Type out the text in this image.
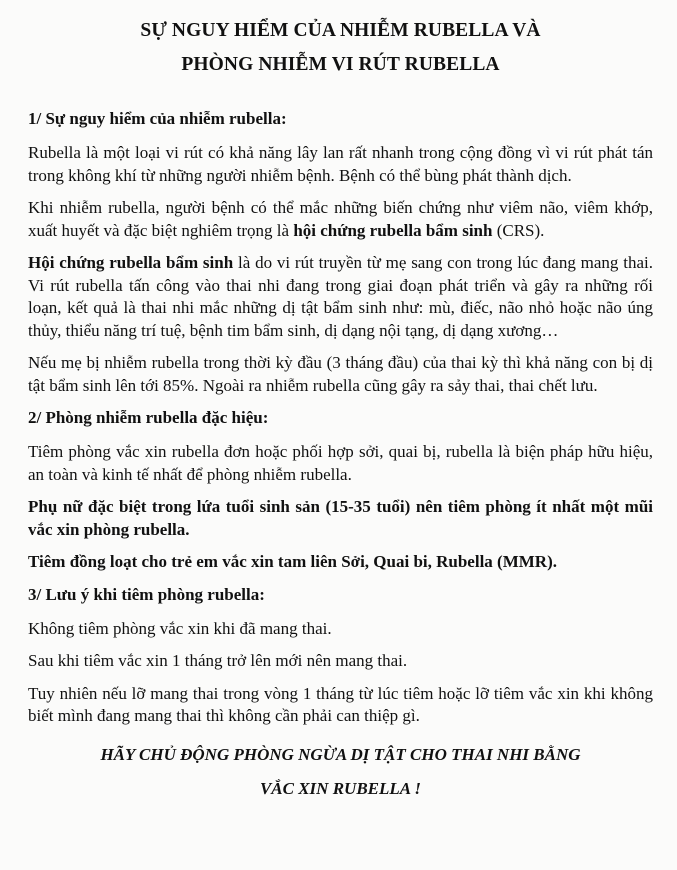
SỰ NGUY HIỂM CỦA NHIỄM RUBELLA VÀ
PHÒNG NHIỄM VI RÚT RUBELLA
1/ Sự nguy hiểm của nhiễm rubella:

Rubella là một loại vi rút có khả năng lây lan rất nhanh trong cộng đồng vì vi rút phát tán trong không khí từ những người nhiễm bệnh. Bệnh có thể bùng phát thành dịch.

Khi nhiễm rubella, người bệnh có thể mắc những biến chứng như viêm não, viêm khớp, xuất huyết và đặc biệt nghiêm trọng là hội chứng rubella bẩm sinh (CRS).

Hội chứng rubella bẩm sinh là do vi rút truyền từ mẹ sang con trong lúc đang mang thai. Vi rút rubella tấn công vào thai nhi đang trong giai đoạn phát triển và gây ra những rối loạn, kết quả là thai nhi mắc những dị tật bẩm sinh như: mù, điếc, não nhỏ hoặc não úng thủy, thiểu năng trí tuệ, bệnh tim bẩm sinh, dị dạng nội tạng, dị dạng xương…

Nếu mẹ bị nhiễm rubella trong thời kỳ đầu (3 tháng đầu) của thai kỳ thì khả năng con bị dị tật bẩm sinh lên tới 85%. Ngoài ra nhiễm rubella cũng gây ra sảy thai, thai chết lưu.

2/ Phòng nhiễm rubella đặc hiệu:

Tiêm phòng vắc xin rubella đơn hoặc phối hợp sởi, quai bị, rubella là biện pháp hữu hiệu, an toàn và kinh tế nhất để phòng nhiễm rubella.

Phụ nữ đặc biệt trong lứa tuổi sinh sản (15-35 tuổi) nên tiêm phòng ít nhất một mũi vắc xin phòng rubella.

Tiêm đồng loạt cho trẻ em vắc xin tam liên Sởi, Quai bi, Rubella (MMR).

3/ Lưu ý khi tiêm phòng rubella:

Không tiêm phòng vắc xin khi đã mang thai.

Sau khi tiêm vắc xin 1 tháng trở lên mới nên mang thai.

Tuy nhiên nếu lỡ mang thai trong vòng 1 tháng từ lúc tiêm hoặc lỡ tiêm vắc xin khi không biết mình đang mang thai thì không cần phải can thiệp gì.

HÃY CHỦ ĐỘNG PHÒNG NGỪA DỊ TẬT CHO THAI NHI BẰNG
VẮC XIN RUBELLA !
